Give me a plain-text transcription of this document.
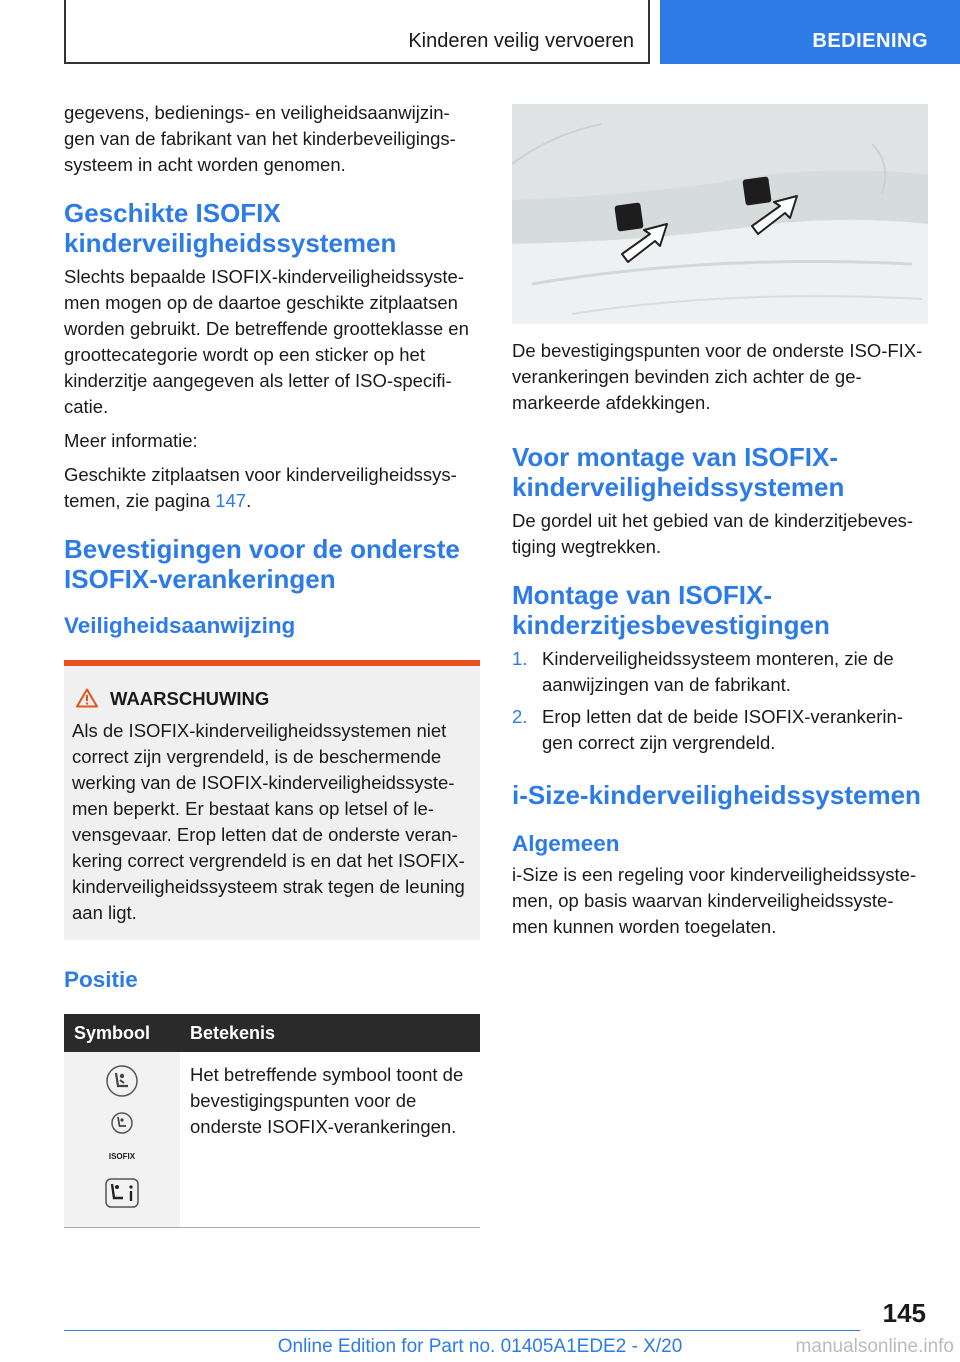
Kinderen veilig vervoeren	BEDIENING

gegevens, bedienings- en veiligheidsaanwijzin-gen van de fabrikant van het kinderbeveiligings-systeem in acht worden genomen.

Geschikte ISOFIX kinderveiligheidssystemen

Slechts bepaalde ISOFIX-kinderveiligheidssyste-men mogen op de daartoe geschikte zitplaatsen worden gebruikt. De betreffende grootteklasse en groottecategorie wordt op een sticker op het kinderzitje aangegeven als letter of ISO-specifi-catie.

Meer informatie:

Geschikte zitplaatsen voor kinderveiligheidssys-temen, zie pagina 147.

Bevestigingen voor de onderste ISOFIX-verankeringen
Veiligheidsaanwijzing
WAARSCHUWING

Als de ISOFIX-kinderveiligheidssystemen niet correct zijn vergrendeld, is de beschermende werking van de ISOFIX-kinderveiligheidssyste-men beperkt. Er bestaat kans op letsel of le-vensgevaar. Erop letten dat de onderste veran-kering correct vergrendeld is en dat het ISOFIX-kinderveiligheidssysteem strak tegen de leuning aan ligt.

Positie
Symbool	Betekenis

ISOFIX	Het betreffende symbool toont de bevestigingspunten voor de onderste ISOFIX-verankeringen.

De bevestigingspunten voor de onderste ISO-FIX-verankeringen bevinden zich achter de ge-markeerde afdekkingen.

Voor montage van ISOFIX-kinderveiligheidssystemen

De gordel uit het gebied van de kinderzitjebeves-tiging wegtrekken.

Montage van ISOFIX-kinderzitjesbevestigingen
1. Kinderveiligheidssysteem monteren, zie de aanwijzingen van de fabrikant.
2. Erop letten dat de beide ISOFIX-verankerin-gen correct zijn vergrendeld.
i-Size-kinderveiligheidssystemen
Algemeen

i-Size is een regeling voor kinderveiligheidssyste-men, op basis waarvan kinderveiligheidssyste-men kunnen worden toegelaten.

145
Online Edition for Part no. 01405A1EDE2 - X/20	manualsonline.info
